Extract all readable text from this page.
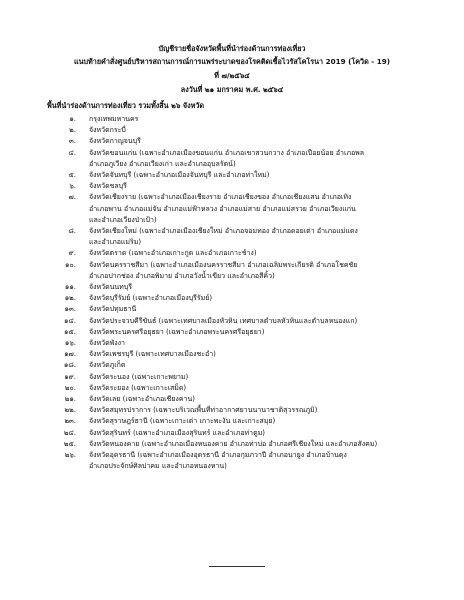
บัญชีรายชื่อจังหวัดพื้นที่นำร่องด้านการท่องเที่ยว
แนบท้ายคำสั่งศูนย์บริหารสถานการณ์การแพร่ระบาดของโรคติดเชื้อไวรัสโคโรนา 2019 (โควิด - 19)
ที่ ๗/๒๕๖๔
ลงวันที่ ๒๑ มกราคม พ.ศ. ๒๕๖๔
พื้นที่นำร่องด้านการท่องเที่ยว รวมทั้งสิ้น ๒๖ จังหวัด
๑. กรุงเทพมหานคร
๒. จังหวัดกระบี่
๓. จังหวัดกาญจนบุรี
๔. จังหวัดขอนแก่น (เฉพาะอำเภอเมืองขอนแก่น อำเภอเขาสวนกวาง อำเภอเปือยน้อย อำเภอพล
อำเภอภูเวียง อำเภอเวียงเก่า และอำเภออุบลรัตน์)
๕. จังหวัดจันทบุรี (เฉพาะอำเภอเมืองจันทบุรี และอำเภอท่าใหม่)
๖. จังหวัดชลบุรี
๗. จังหวัดเชียงราย (เฉพาะอำเภอเมืองเชียงราย อำเภอเชียงของ อำเภอเชียงแสน อำเภอเทิง
อำเภอพาน อำเภอแม่จัน อำเภอแม่ฟ้าหลวง อำเภอแม่สาย อำเภอแม่สรวย อำเภอเวียงแก่น
และอำเภอเวียงป่าเป้า)
๘. จังหวัดเชียงใหม่ (เฉพาะอำเภอเมืองเชียงใหม่ อำเภอจอมทอง อำเภอดอยเต่า อำเภอแม่แตง
และอำเภอแม่ริม)
๙. จังหวัดตราด (เฉพาะอำเภอเกาะกูด และอำเภอเกาะช้าง)
๑๐. จังหวัดนครราชสีมา (เฉพาะอำเภอเมืองนครราชสีมา อำเภอเฉลิมพระเกียรติ อำเภอโชคชัย
อำเภอปากช่อง อำเภอพิมาย อำเภอวังน้ำเขียว และอำเภอสีคิ้ว)
๑๑. จังหวัดนนทบุรี
๑๒. จังหวัดบุรีรัมย์ (เฉพาะอำเภอเมืองบุรีรัมย์)
๑๓. จังหวัดปทุมธานี
๑๔. จังหวัดประจวบคีรีขันธ์ (เฉพาะเทศบาลเมืองหัวหิน เทศบาลตำบลหัวหินและตำบลหนองแก)
๑๕. จังหวัดพระนครศรีอยุธยา (เฉพาะอำเภอพระนครศรีอยุธยา)
๑๖. จังหวัดพังงา
๑๗. จังหวัดเพชรบุรี (เฉพาะเทศบาลเมืองชะอำ)
๑๘. จังหวัดภูเก็ต
๑๙. จังหวัดระนอง (เฉพาะเกาะพยาม)
๒๐. จังหวัดระยอง (เฉพาะเกาะเสม็ด)
๒๑. จังหวัดเลย (เฉพาะอำเภอเชียงคาน)
๒๒. จังหวัดสมุทรปราการ (เฉพาะบริเวณพื้นที่ท่าอากาศยานนานาชาติสุวรรณภูมิ)
๒๓. จังหวัดสุราษฎร์ธานี (เฉพาะเกาะเต่า เกาะพะงัน และเกาะสมุย)
๒๔. จังหวัดสุรินทร์ (เฉพาะอำเภอเมืองสุรินทร์ และอำเภอท่าตูม)
๒๕. จังหวัดหนองคาย (เฉพาะอำเภอเมืองหนองคาย อำเภอท่าบ่อ อำเภอศรีเชียงใหม่ และอำเภอสังคม)
๒๖. จังหวัดอุดรธานี (เฉพาะอำเภอเมืองอุดรธานี อำเภอกุมภวาปี อำเภอนายูง อำเภอบ้านดุง
อำเภอประจักษ์ศิลปาคม และอำเภอหนองหาน)
